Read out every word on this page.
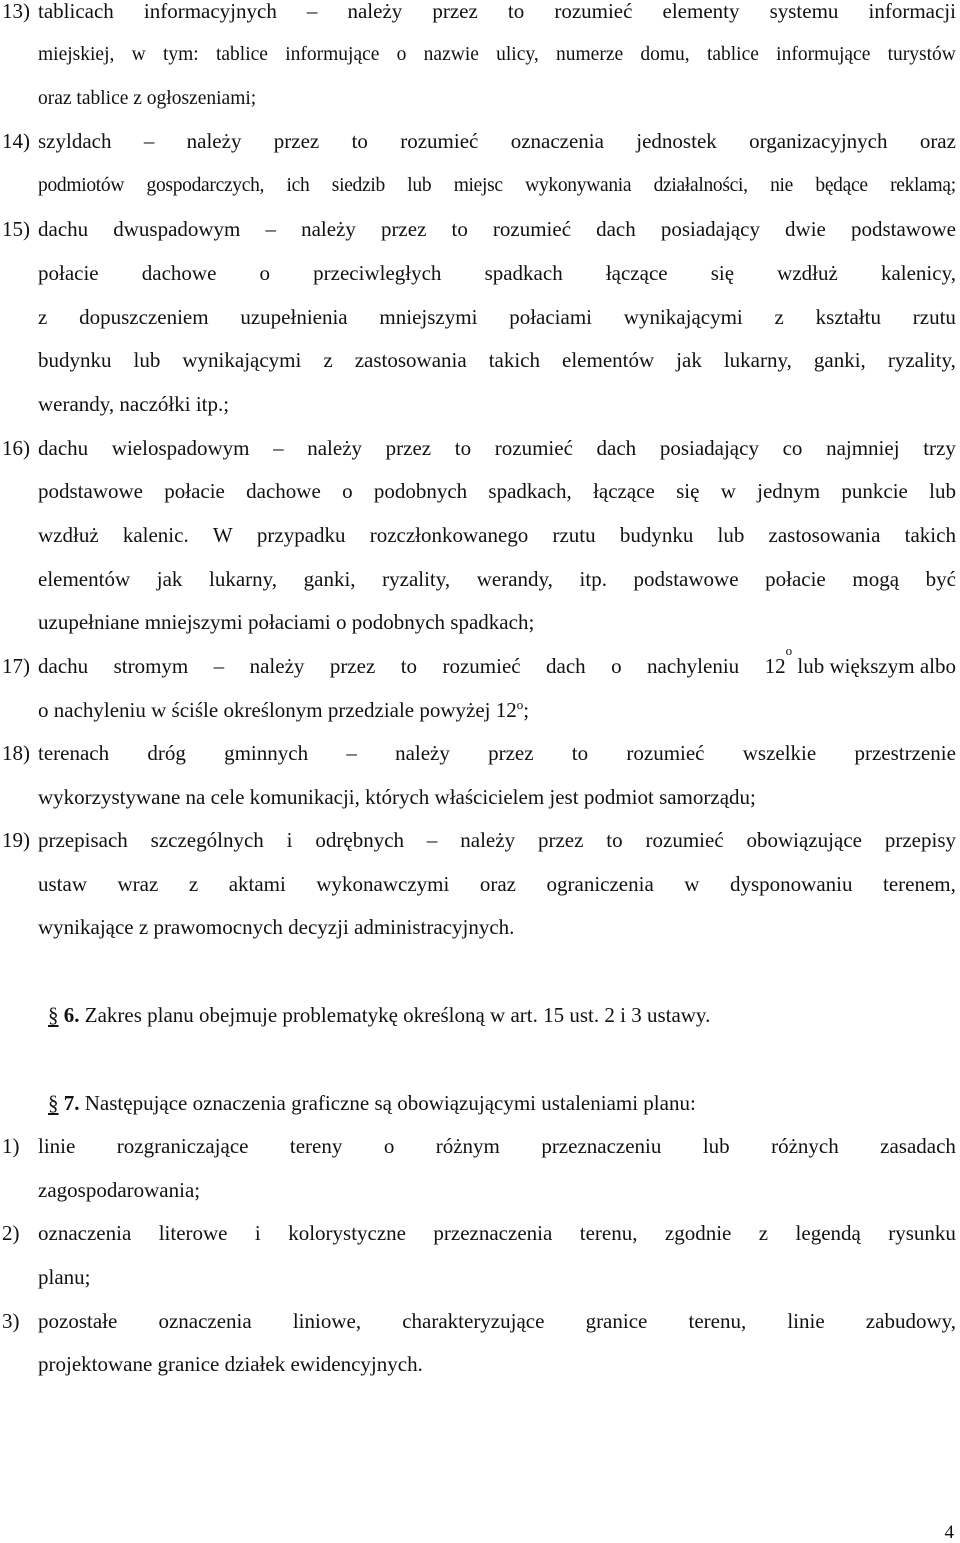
13) tablicach informacyjnych – należy przez to rozumieć elementy systemu informacji
miejskiej, w tym: tablice informujące o nazwie ulicy, numerze domu, tablice informujące turystów
oraz tablice z ogłoszeniami;
14) szyldach – należy przez to rozumieć oznaczenia jednostek organizacyjnych oraz
podmiotów gospodarczych, ich siedzib lub miejsc wykonywania działalności, nie będące reklamą;
15) dachu dwuspadowym – należy przez to rozumieć dach posiadający dwie podstawowe
połacie dachowe o przeciwległych spadkach łączące się wzdłuż kalenicy,
z dopuszczeniem uzupełnienia mniejszymi połaciami wynikającymi z kształtu rzutu
budynku lub wynikającymi z zastosowania takich elementów jak lukarny, ganki, ryzality,
werandy, naczółki itp.;
16) dachu wielospadowym – należy przez to rozumieć dach posiadający co najmniej trzy
podstawowe połacie dachowe o podobnych spadkach, łączące się w jednym punkcie lub
wzdłuż kalenic. W przypadku rozczłonkowanego rzutu budynku lub zastosowania takich
elementów jak lukarny, ganki, ryzality, werandy, itp. podstawowe połacie mogą być
uzupełniane mniejszymi połaciami o podobnych spadkach;
17) dachu stromym – należy przez to rozumieć dach o nachyleniu 12
o
lub większym albo
o nachyleniu w ściśle określonym przedziale powyżej 12$^o$;
18) terenach dróg gminnych – należy przez to rozumieć wszelkie przestrzenie
wykorzystywane na cele komunikacji, których właścicielem jest podmiot samorządu;
19) przepisach szczególnych i odrębnych – należy przez to rozumieć obowiązujące przepisy
ustaw wraz z aktami wykonawczymi oraz ograniczenia w dysponowaniu terenem,
wynikające z prawomocnych decyzji administracyjnych.
§ 6. Zakres planu obejmuje problematykę określoną w art. 15 ust. 2 i 3 ustawy.
§ 7. Następujące oznaczenia graficzne są obowiązującymi ustaleniami planu:
1) linie rozgraniczające tereny o różnym przeznaczeniu lub różnych zasadach
zagospodarowania;
2) oznaczenia literowe i kolorystyczne przeznaczenia terenu, zgodnie z legendą rysunku
planu;
3) pozostałe oznaczenia liniowe, charakteryzujące granice terenu, linie zabudowy,
projektowane granice działek ewidencyjnych.
4
